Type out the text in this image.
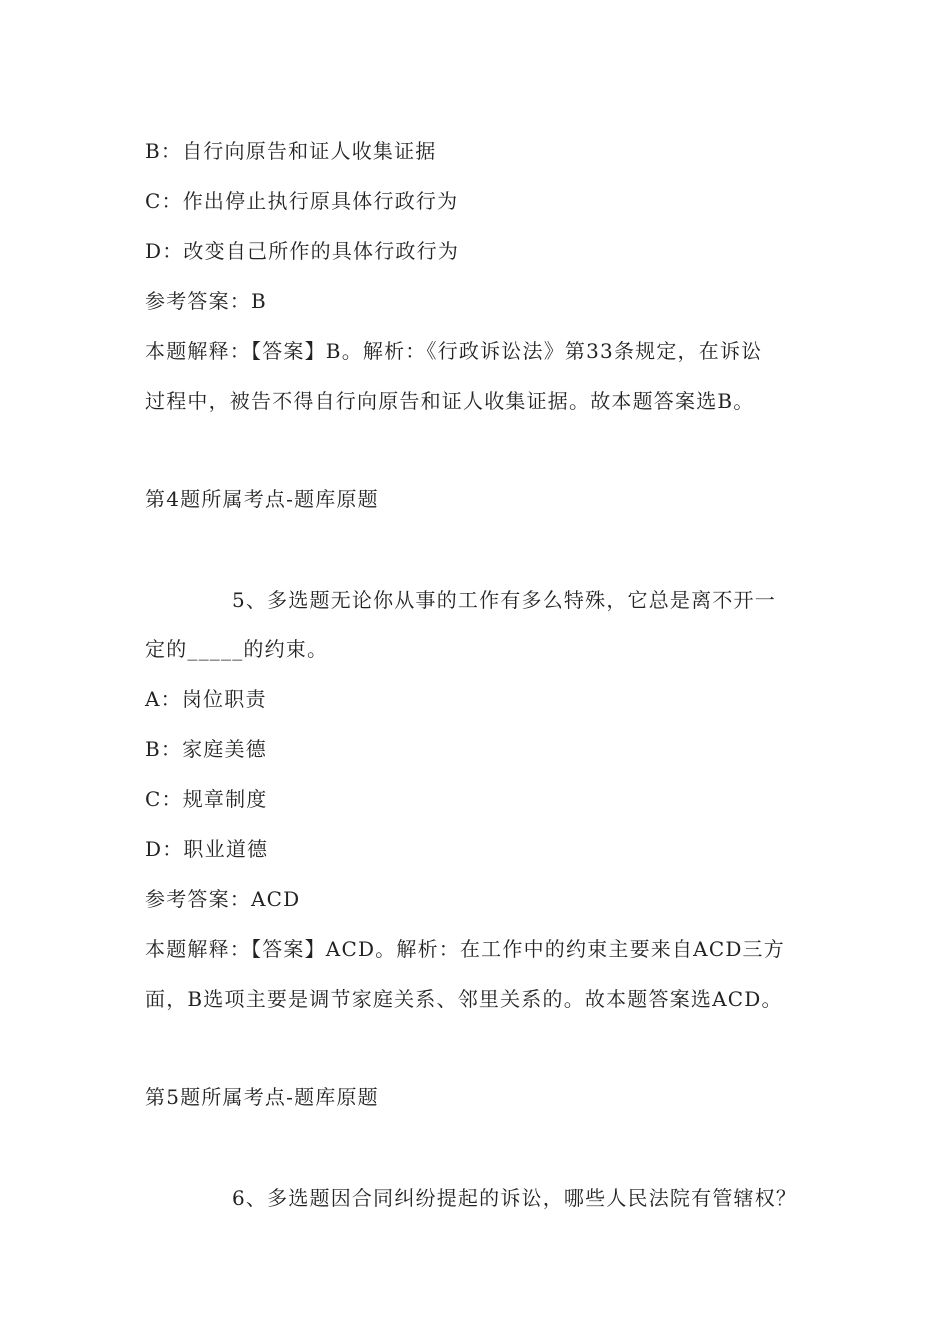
B：自行向原告和证人收集证据
C：作出停止执行原具体行政行为
D：改变自己所作的具体行政行为
参考答案：B
本题解释：【答案】B。解析：《行政诉讼法》第33条规定，在诉讼
过程中，被告不得自行向原告和证人收集证据。故本题答案选B。
第4题所属考点-题库原题
5、多选题无论你从事的工作有多么特殊，它总是离不开一
定的_____的约束。
A：岗位职责
B：家庭美德
C：规章制度
D：职业道德
参考答案：ACD
本题解释：【答案】ACD。解析：在工作中的约束主要来自ACD三方
面，B选项主要是调节家庭关系、邻里关系的。故本题答案选ACD。
第5题所属考点-题库原题
6、多选题因合同纠纷提起的诉讼，哪些人民法院有管辖权？
